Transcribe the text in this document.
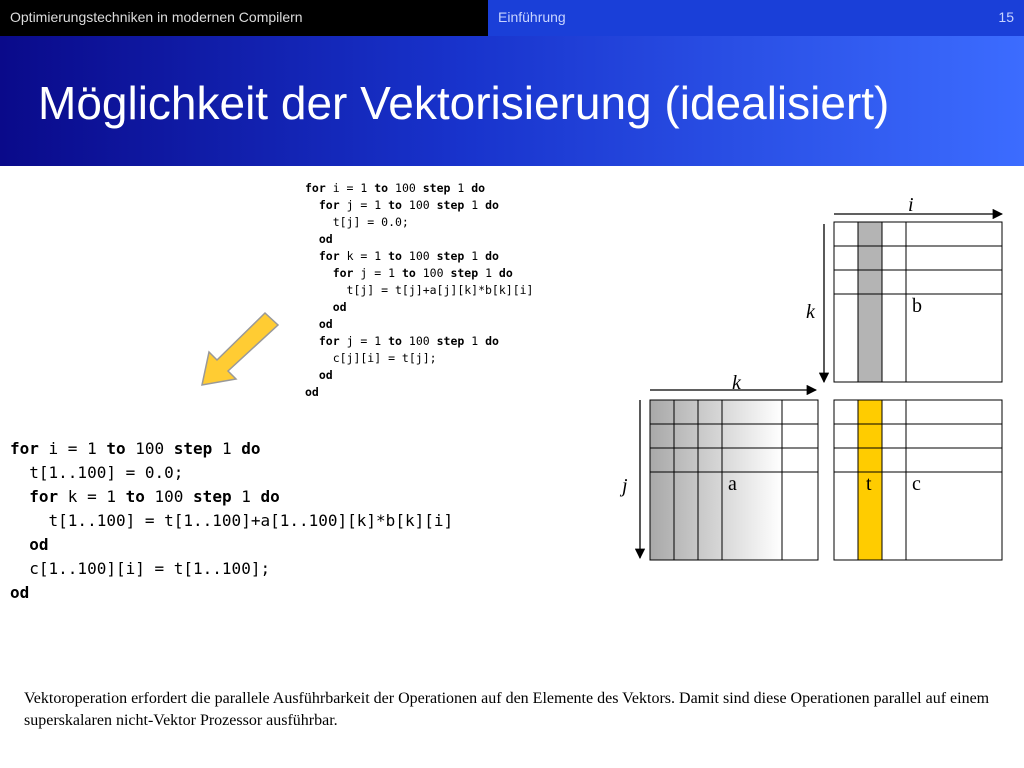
Optimierungstechniken in modernen Compilern	Einführung	15
Möglichkeit der Vektorisierung (idealisiert)
for i = 1 to 100 step 1 do
for j = 1 to 100 step 1 do
t[j] = 0.0;
od
for k = 1 to 100 step 1 do
for j = 1 to 100 step 1 do
t[j] = t[j]+a[j][k]*b[k][i]
od
od
for j = 1 to 100 step 1 do
c[j][i] = t[j];
od
od
for i = 1 to 100 step 1 do
t[1..100] = 0.0;
for k = 1 to 100 step 1 do
t[1..100] = t[1..100]+a[1..100][k]*b[k][i]
od
c[1..100][i] = t[1..100];
od
i
b
k
k
a
j	t c

Vektoroperation erfordert die parallele Ausführbarkeit der Operationen auf den Elemente des Vektors. Damit sind diese Operationen parallel auf einem superskalaren nicht-Vektor Prozessor ausführbar.
